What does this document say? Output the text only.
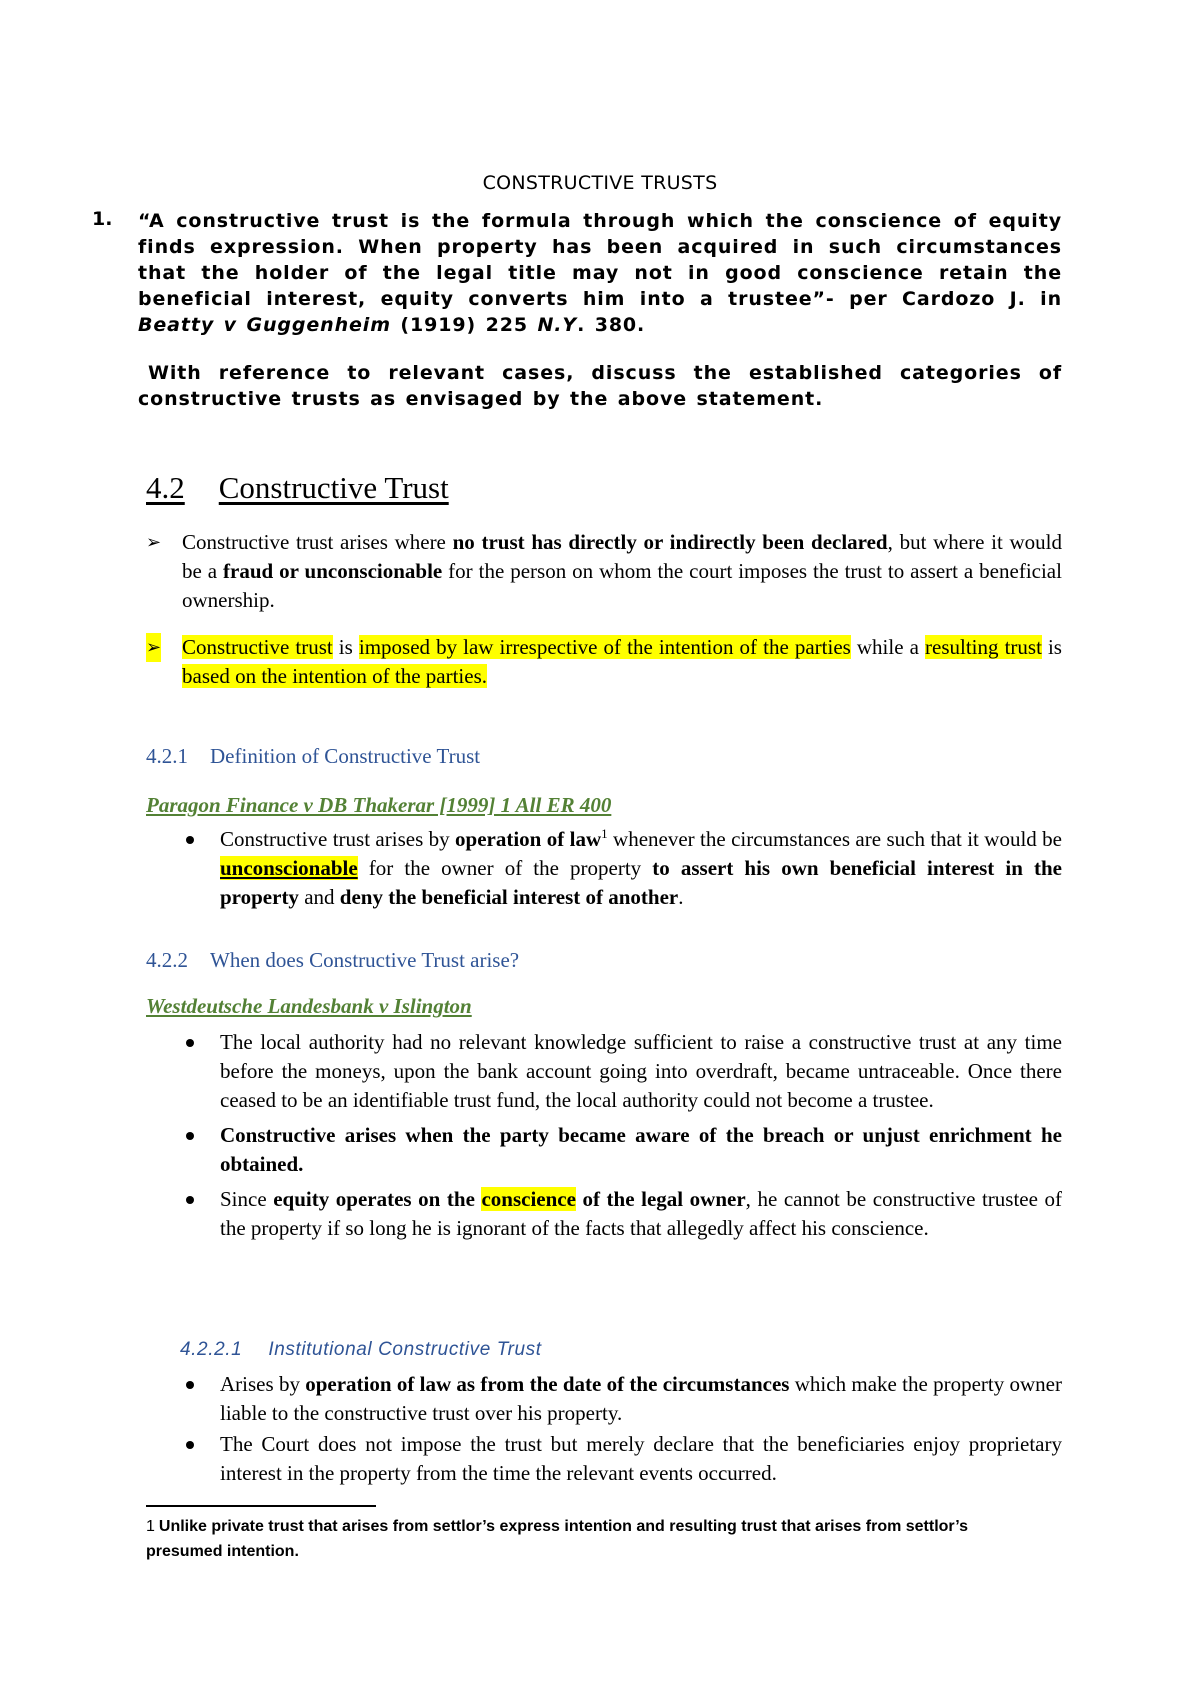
CONSTRUCTIVE TRUSTS
1. “A constructive trust is the formula through which the conscience of equity finds expression. When property has been acquired in such circumstances that the holder of the legal title may not in good conscience retain the beneficial interest, equity converts him into a trustee”- per Cardozo J. in Beatty v Guggenheim (1919) 225 N.Y. 380.
With reference to relevant cases, discuss the established categories of constructive trusts as envisaged by the above statement.
4.2 Constructive Trust
➢ Constructive trust arises where no trust has directly or indirectly been declared, but where it would be a fraud or unconscionable for the person on whom the court imposes the trust to assert a beneficial ownership.
➢ Constructive trust is imposed by law irrespective of the intention of the parties while a resulting trust is based on the intention of the parties.
4.2.1 Definition of Constructive Trust
Paragon Finance v DB Thakerar [1999] 1 All ER 400
Constructive trust arises by operation of law$^1$ whenever the circumstances are such that it would be unconscionable for the owner of the property to assert his own beneficial interest in the property and deny the beneficial interest of another.
4.2.2 When does Constructive Trust arise?
Westdeutsche Landesbank v Islington
The local authority had no relevant knowledge sufficient to raise a constructive trust at any time before the moneys, upon the bank account going into overdraft, became untraceable. Once there ceased to be an identifiable trust fund, the local authority could not become a trustee.
Constructive arises when the party became aware of the breach or unjust enrichment he obtained.
Since equity operates on the conscience of the legal owner, he cannot be constructive trustee of the property if so long he is ignorant of the facts that allegedly affect his conscience.
4.2.2.1 Institutional Constructive Trust
Arises by operation of law as from the date of the circumstances which make the property owner liable to the constructive trust over his property.
The Court does not impose the trust but merely declare that the beneficiaries enjoy proprietary interest in the property from the time the relevant events occurred.
1 Unlike private trust that arises from settlor’s express intention and resulting trust that arises from settlor’s presumed intention.
